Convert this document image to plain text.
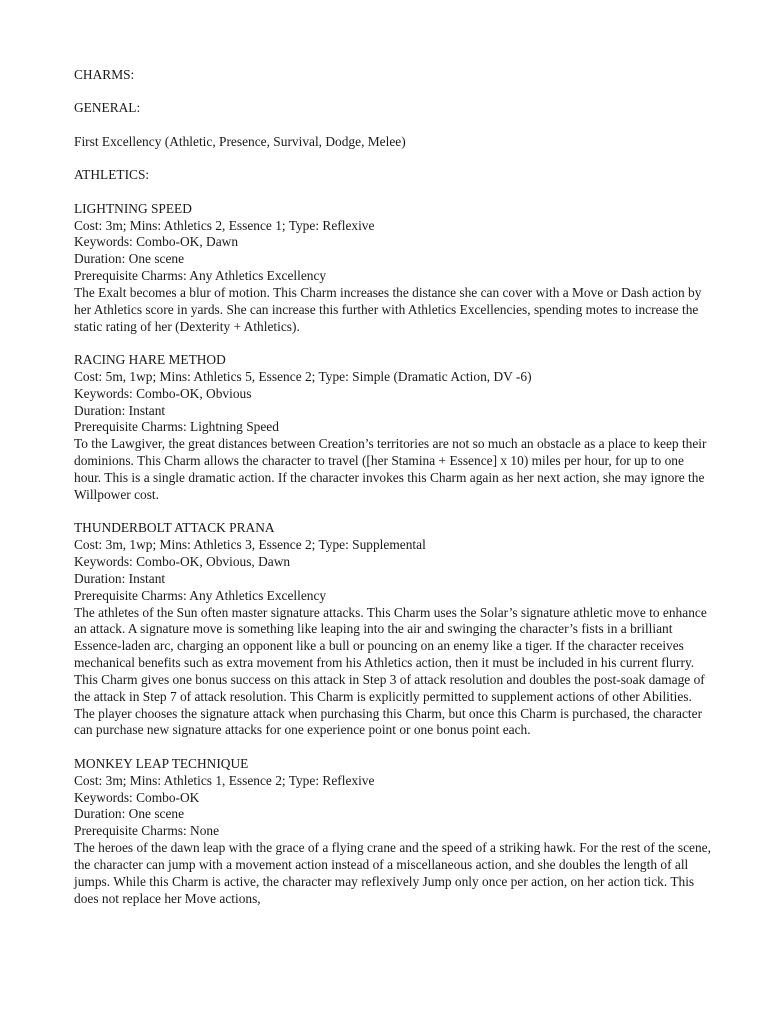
CHARMS:

GENERAL:

First Excellency (Athletic, Presence, Survival, Dodge, Melee)

ATHLETICS:

LIGHTNING SPEED

Cost: 3m; Mins: Athletics 2, Essence 1; Type: Reflexive

Keywords: Combo-OK, Dawn

Duration: One scene

Prerequisite Charms: Any Athletics Excellency

The Exalt becomes a blur of motion. This Charm increases the distance she can cover with a Move or Dash action by her Athletics score in yards. She can increase this further with Athletics Excellencies, spending motes to increase the static rating of her (Dexterity + Athletics).

RACING HARE METHOD

Cost: 5m, 1wp; Mins: Athletics 5, Essence 2; Type: Simple (Dramatic Action, DV -6)

Keywords: Combo-OK, Obvious

Duration: Instant

Prerequisite Charms: Lightning Speed

To the Lawgiver, the great distances between Creation’s territories are not so much an obstacle as a place to keep their dominions. This Charm allows the character to travel ([her Stamina + Essence] x 10) miles per hour, for up to one hour. This is a single dramatic action. If the character invokes this Charm again as her next action, she may ignore the Willpower cost.

THUNDERBOLT ATTACK PRANA

Cost: 3m, 1wp; Mins: Athletics 3, Essence 2; Type: Supplemental

Keywords: Combo-OK, Obvious, Dawn

Duration: Instant

Prerequisite Charms: Any Athletics Excellency

The athletes of the Sun often master signature attacks. This Charm uses the Solar’s signature athletic move to enhance an attack. A signature move is something like leaping into the air and swinging the character’s fists in a brilliant Essence-laden arc, charging an opponent like a bull or pouncing on an enemy like a tiger. If the character receives mechanical benefits such as extra movement from his Athletics action, then it must be included in his current flurry. This Charm gives one bonus success on this attack in Step 3 of attack resolution and doubles the post-soak damage of the attack in Step 7 of attack resolution. This Charm is explicitly permitted to supplement actions of other Abilities. The player chooses the signature attack when purchasing this Charm, but once this Charm is purchased, the character can purchase new signature attacks for one experience point or one bonus point each.

MONKEY LEAP TECHNIQUE

Cost: 3m; Mins: Athletics 1, Essence 2; Type: Reflexive

Keywords: Combo-OK

Duration: One scene

Prerequisite Charms: None

The heroes of the dawn leap with the grace of a flying crane and the speed of a striking hawk. For the rest of the scene, the character can jump with a movement action instead of a miscellaneous action, and she doubles the length of all jumps. While this Charm is active, the character may reflexively Jump only once per action, on her action tick. This does not replace her Move actions,
